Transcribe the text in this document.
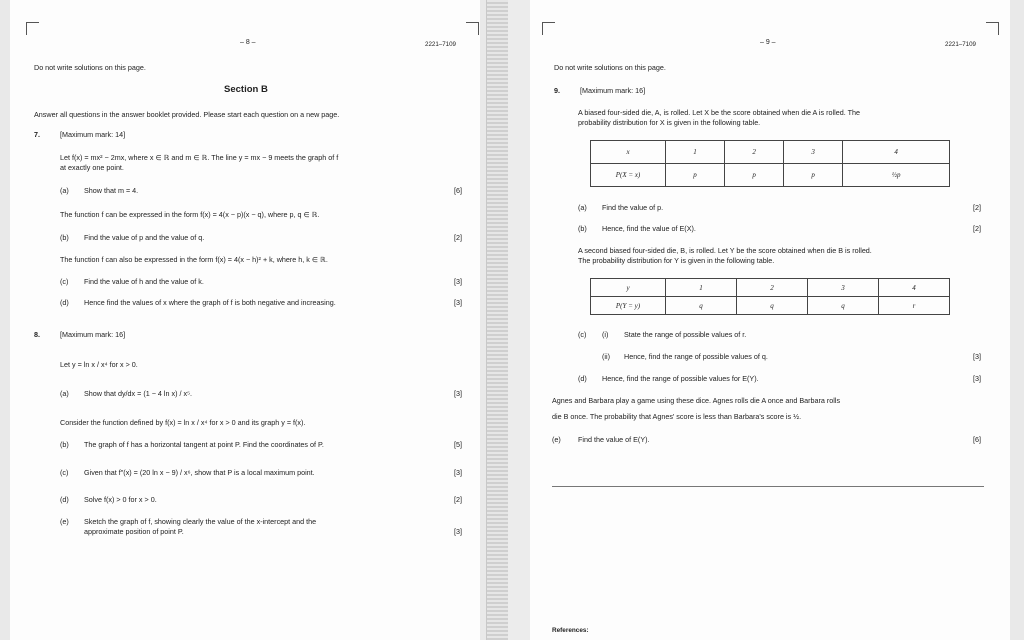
– 8 –	2221–7109
Do not write solutions on this page.
Section B
Answer all questions in the answer booklet provided. Please start each question on a new page.
7.	[Maximum mark: 14]
Let f(x) = mx² − 2mx, where x ∈ ℝ and m ∈ ℝ. The line y = mx − 9 meets the graph of f
at exactly one point.
(a) Show that m = 4.	[6]
The function f can be expressed in the form f(x) = 4(x − p)(x − q), where p, q ∈ ℝ.
(b) Find the value of p and the value of q.	[2]
The function f can also be expressed in the form f(x) = 4(x − h)² + k, where h, k ∈ ℝ.
(c) Find the value of h and the value of k.	[3]
(d) Hence find the values of x where the graph of f is both negative and increasing.	[3]
8.	[Maximum mark: 16]
Let y = ln x / x⁴ for x > 0.
(a) Show that dy/dx = (1 − 4 ln x) / x⁵.	[3]
Consider the function defined by f(x) = ln x / x⁴ for x > 0 and its graph y = f(x).
(b) The graph of f has a horizontal tangent at point P. Find the coordinates of P.	[5]
(c) Given that f″(x) = (20 ln x − 9) / x⁶, show that P is a local maximum point.	[3]
(d) Solve f(x) > 0 for x > 0.	[2]
(e) Sketch the graph of f, showing clearly the value of the x-intercept and the
approximate position of point P.	[3]
– 9 –	2221–7109
Do not write solutions on this page.
9.	[Maximum mark: 16]
A biased four-sided die, A, is rolled. Let X be the score obtained when die A is rolled. The
probability distribution for X is given in the following table.
x	1	2	3	4
P(X = x)	p	p	p	½p
(a) Find the value of p.	[2]
(b) Hence, find the value of E(X).	[2]
A second biased four-sided die, B, is rolled. Let Y be the score obtained when die B is rolled.
The probability distribution for Y is given in the following table.
y	1	2	3	4
P(Y = y)	q	q	q	r
(c) (i) State the range of possible values of r.
(ii) Hence, find the range of possible values of q.	[3]
(d) Hence, find the range of possible values for E(Y).	[3]
Agnes and Barbara play a game using these dice. Agnes rolls die A once and Barbara rolls
die B once. The probability that Agnes' score is less than Barbara's score is ½.
(e) Find the value of E(Y).	[6]
References:
